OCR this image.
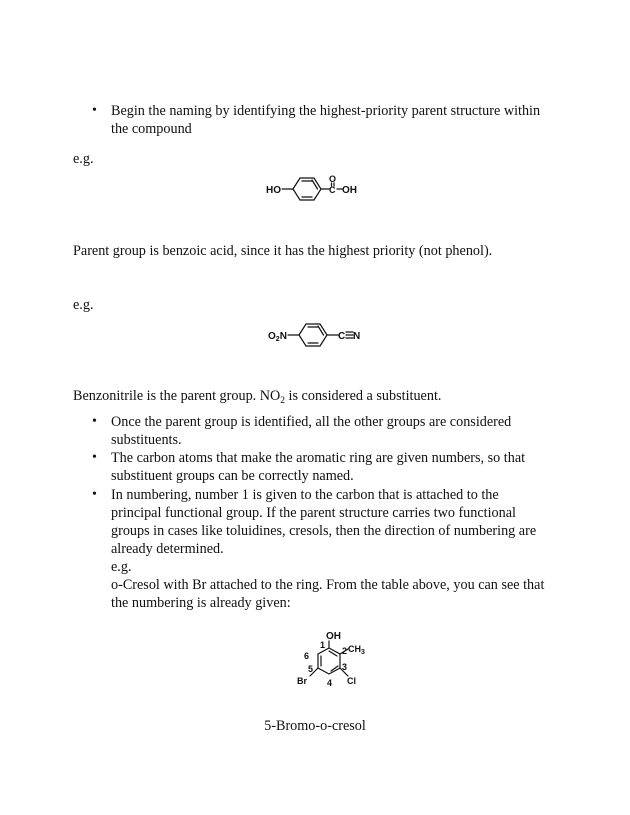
•
Begin the naming by identifying the highest-priority parent structure within
the compound
e.g.
HO
O
C OH
Parent group is benzoic acid, since it has the highest priority (not phenol).
e.g.
$O_2N$	C N
Benzonitrile is the parent group. $NO_2$ is considered a substituent.
•
Once the parent group is identified, all the other groups are considered
substituents.
•
The carbon atoms that make the aromatic ring are given numbers, so that
substituent groups can be correctly named.
•
In numbering, number 1 is given to the carbon that is attached to the
principal functional group. If the parent structure carries two functional
groups in cases like toluidines, cresols, then the direction of numbering are
already determined.
e.g.
o-Cresol with Br attached to the ring. From the table above, you can see that
the numbering is already given:
OH
$CH_3$
Cl
Br
1
2
3
4
5
6
5-Bromo-o-cresol
